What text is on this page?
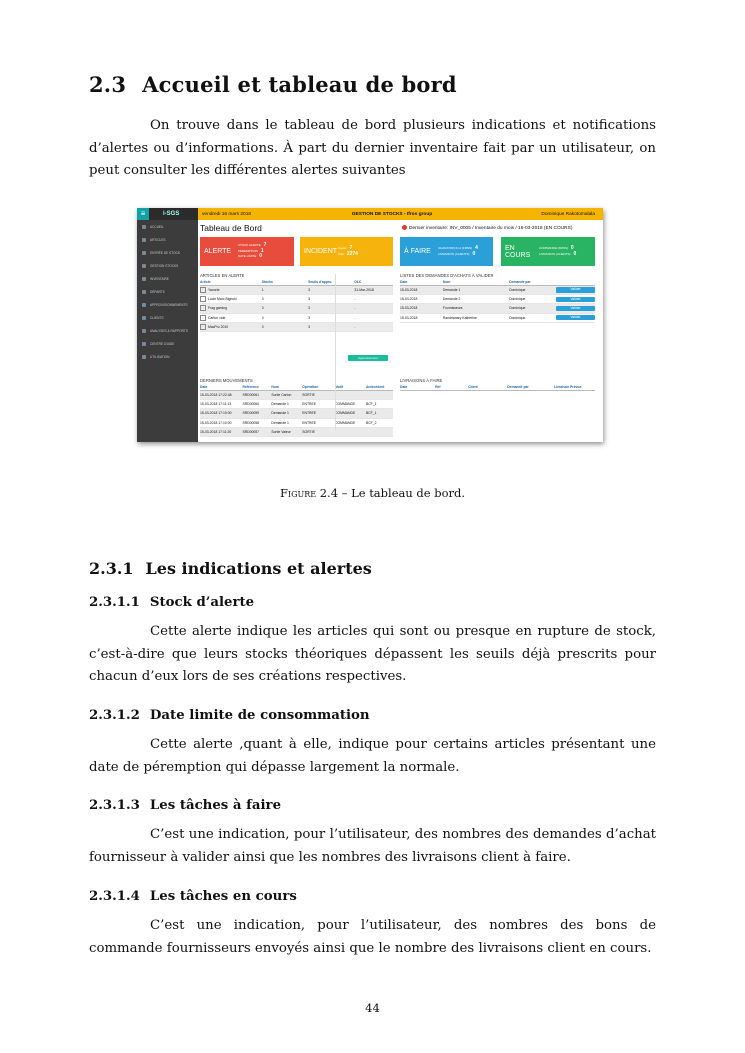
2.3 Accueil et tableau de bord

On trouve dans le tableau de bord plusieurs indications et notifications d’alertes ou d’informations. À part du dernier inventaire fait par un utilisateur, on peut consulter les différentes alertes suivantes

≡	i-SGS
ACCUEIL
ARTICLES
ENTRÉE DE STOCK
GESTION STOCKS
INVENTAIRE
DÉPARTS
APPROVISIONNEMENTS
CLIENTS
ANALYSES & RAPPORTS
CENTRE D'AIDE
UTILISATION
vendredi 16 mars 2018	GESTION DE STOCKS - Ifros group	Dominique Rakotomalala
Tableau de Bord	Dernier inventaire: INV_0005 / Inventaire du mois / 16-03-2018 (EN COURS)
ALERTE
STOCK ALERTE 7
PÉREMPTION 1
DATE LIMITE 0
INCIDENT Cassé 7
Volé 2274	À FAIRE	VALIDATION D.A (FRNS) 4
LIVRAISON (CLIENTS) 0
EN COURS
COMMANDE (FRNS) 0
LIVRAISON (CLIENTS) 0
ARTICLES EN ALERTE
Article	Stocks	Seuils d'appro.	DLC
Yaourts	1	3	31-Mar-2018
Lucie Marc Bignoki	0	3	-
Frag gaming	0	3	-
Carton vide	0	3	-
MacPro 2010	0	3	-
Approvisionner
LISTES DES DEMANDES D'ACHATS À VALIDER
Date	Nom	Demandé par
15-03-2018	Demande 1	Dominique	Valider
15-03-2018	Demande 2	Dominique	Valider
15-03-2018	Fournisseurs	Dominique	Valider
15-03-2018	Randrianary Katherine	Dominique	Valider
DERNIERS MOUVEMENTS
Date	Référence	Nom	Opération	Motif	Antécédent
15-03-2018 17:22:48	SRD00061	Sortie Carton	SORTIE
15-03-2018 17:11:13	SRD00060	Demande 1	ENTRÉE	COMMANDE	BCF_1
15-03-2018 17:10:00	SRD00059	Demande 1	ENTRÉE	COMMANDE	BCF_1
15-03-2018 17:10:00	SRD00058	Demande 1	ENTRÉE	COMMANDE	BCF_2
15-03-2018 17:11:20	SRD00057	Sortie Valeur	SORTIE
LIVRAISONS À FAIRE
Date	Réf	Client	Demandé par	Livraison Prévue
Figure 2.4 – Le tableau de bord.
2.3.1 Les indications et alertes
2.3.1.1 Stock d’alerte

Cette alerte indique les articles qui sont ou presque en rupture de stock, c’est-à-dire que leurs stocks théoriques dépassent les seuils déjà prescrits pour chacun d’eux lors de ses créations respectives.

2.3.1.2 Date limite de consommation

Cette alerte ,quant à elle, indique pour certains articles présentant une date de péremption qui dépasse largement la normale.

2.3.1.3 Les tâches à faire

C’est une indication, pour l’utilisateur, des nombres des demandes d’achat fournisseur à valider ainsi que les nombres des livraisons client à faire.

2.3.1.4 Les tâches en cours

C’est une indication, pour l’utilisateur, des nombres des bons de commande fournisseurs envoyés ainsi que le nombre des livraisons client en cours.

44
